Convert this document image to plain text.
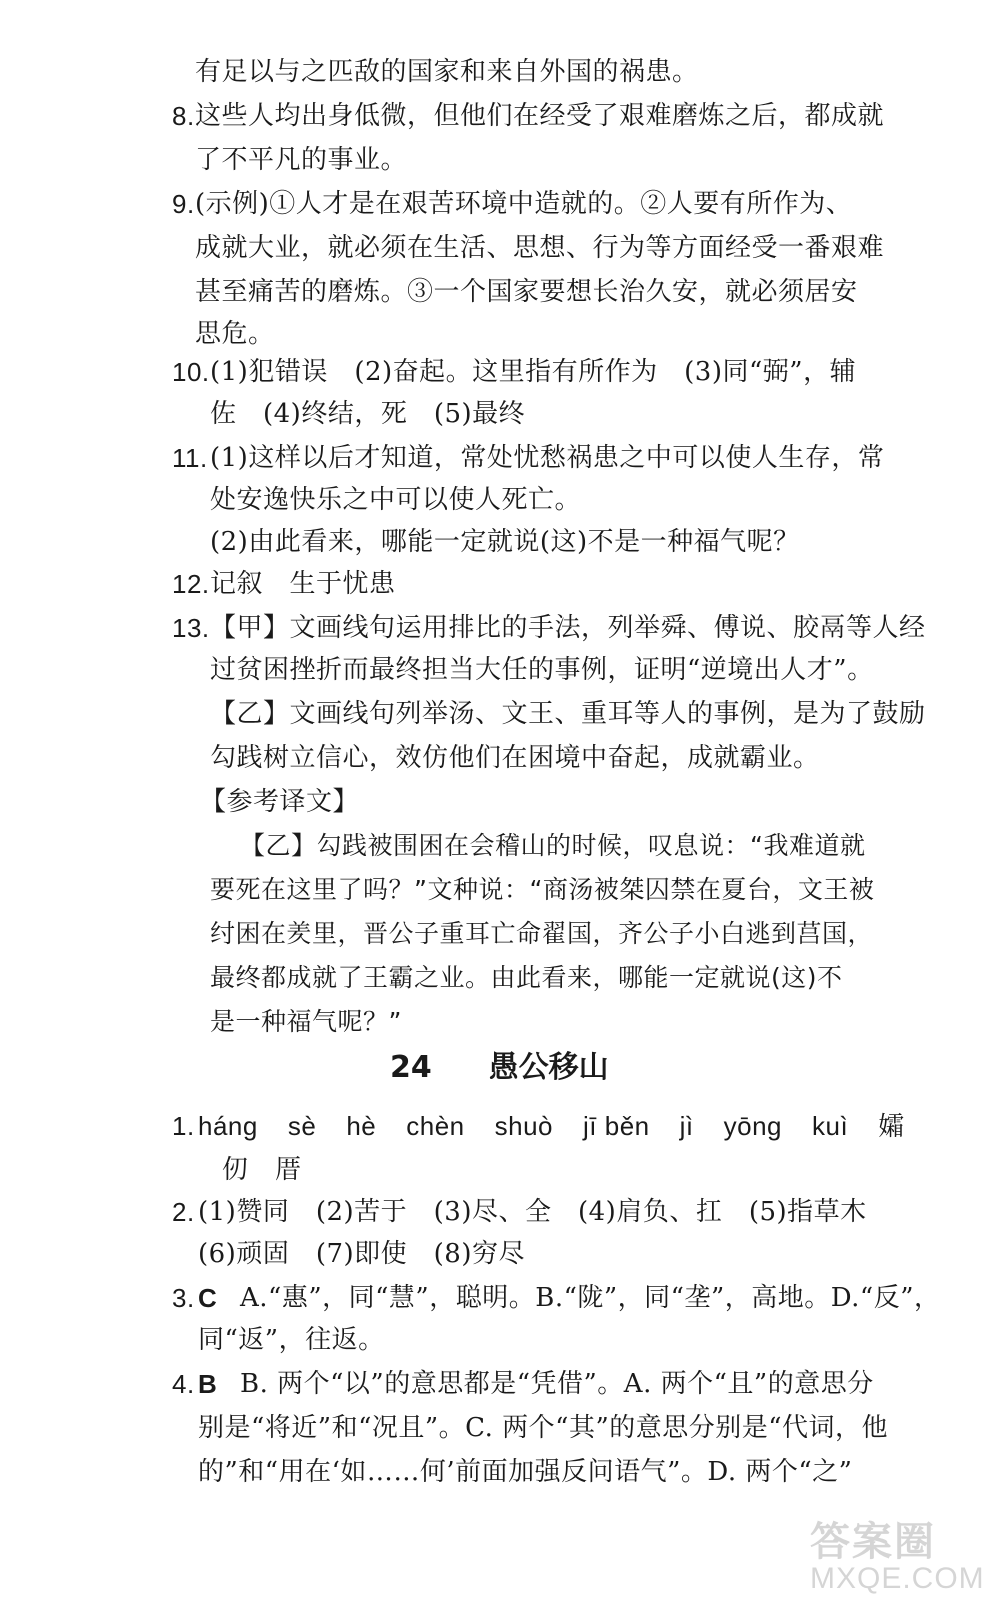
有足以与之匹敌的国家和来自外国的祸患。
8. 这些人均出身低微，但他们在经受了艰难磨炼之后，都成就
了不平凡的事业。
9. (示例)①人才是在艰苦环境中造就的。②人要有所作为、
成就大业，就必须在生活、思想、行为等方面经受一番艰难
甚至痛苦的磨炼。③一个国家要想长治久安，就必须居安
思危。
10. (1)犯错误　(2)奋起。这里指有所作为　(3)同“弼”，辅
佐　(4)终结，死　(5)最终
11. (1)这样以后才知道，常处忧愁祸患之中可以使人生存，常
处安逸快乐之中可以使人死亡。
(2)由此看来，哪能一定就说(这)不是一种福气呢？
12. 记叙　生于忧患
13. 【甲】文画线句运用排比的手法，列举舜、傅说、胶鬲等人经
过贫困挫折而最终担当大任的事例，证明“逆境出人才”。
【乙】文画线句列举汤、文王、重耳等人的事例，是为了鼓励
勾践树立信心，效仿他们在困境中奋起，成就霸业。
【参考译文】
【乙】勾践被围困在会稽山的时候，叹息说：“我难道就
要死在这里了吗？”文种说：“商汤被桀囚禁在夏台，文王被
纣困在羑里，晋公子重耳亡命翟国，齐公子小白逃到莒国，
最终都成就了王霸之业。由此看来，哪能一定就说(这)不
是一种福气呢？”
24 愚公移山
1. háng sè hè chèn shuò jī běn jì yōng kuì 孀
仞　厝
2. (1)赞同　(2)苦于　(3)尽、全　(4)肩负、扛　(5)指草木
(6)顽固　(7)即使　(8)穷尽
3. C A.“惠”，同“慧”，聪明。B.“陇”，同“垄”，高地。D.“反”，
同“返”，往返。
4. B B. 两个“以”的意思都是“凭借”。A. 两个“且”的意思分
别是“将近”和“况且”。C. 两个“其”的意思分别是“代词，他
的”和“用在‘如……何’前面加强反问语气”。D. 两个“之”
答案圈
MXQE.COM
